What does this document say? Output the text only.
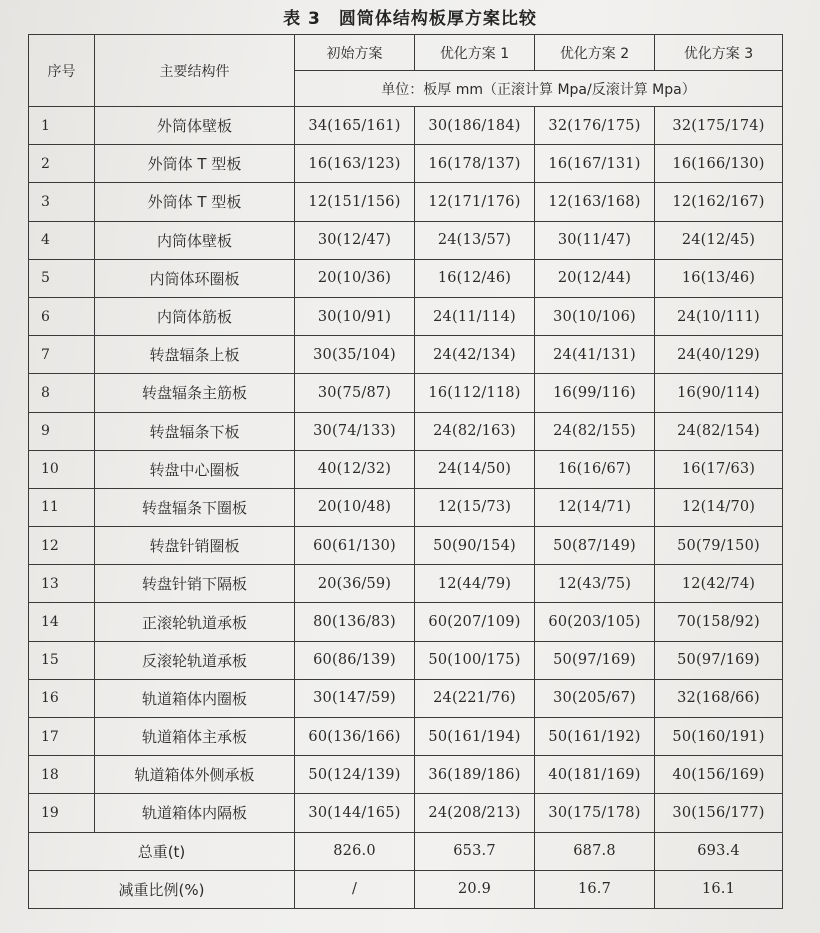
表 3 圆筒体结构板厚方案比较
序号	主要结构件	初始方案	优化方案 1	优化方案 2	优化方案 3
		单位：板厚 mm（正滚计算 Mpa/反滚计算 Mpa）			
1	外筒体壁板	34(165/161)	30(186/184)	32(176/175)	32(175/174)
2	外筒体 T 型板	16(163/123)	16(178/137)	16(167/131)	16(166/130)
3	外筒体 T 型板	12(151/156)	12(171/176)	12(163/168)	12(162/167)
4	内筒体壁板	30(12/47)	24(13/57)	30(11/47)	24(12/45)
5	内筒体环圈板	20(10/36)	16(12/46)	20(12/44)	16(13/46)
6	内筒体筋板	30(10/91)	24(11/114)	30(10/106)	24(10/111)
7	转盘辐条上板	30(35/104)	24(42/134)	24(41/131)	24(40/129)
8	转盘辐条主筋板	30(75/87)	16(112/118)	16(99/116)	16(90/114)
9	转盘辐条下板	30(74/133)	24(82/163)	24(82/155)	24(82/154)
10	转盘中心圈板	40(12/32)	24(14/50)	16(16/67)	16(17/63)
11	转盘辐条下圈板	20(10/48)	12(15/73)	12(14/71)	12(14/70)
12	转盘针销圈板	60(61/130)	50(90/154)	50(87/149)	50(79/150)
13	转盘针销下隔板	20(36/59)	12(44/79)	12(43/75)	12(42/74)
14	正滚轮轨道承板	80(136/83)	60(207/109)	60(203/105)	70(158/92)
15	反滚轮轨道承板	60(86/139)	50(100/175)	50(97/169)	50(97/169)
16	轨道箱体内圈板	30(147/59)	24(221/76)	30(205/67)	32(168/66)
17	轨道箱体主承板	60(136/166)	50(161/194)	50(161/192)	50(160/191)
18	轨道箱体外侧承板	50(124/139)	36(189/186)	40(181/169)	40(156/169)
19	轨道箱体内隔板	30(144/165)	24(208/213)	30(175/178)	30(156/177)
总重(t)		826.0	653.7	687.8	693.4
减重比例(%)		/	20.9	16.7	16.1
